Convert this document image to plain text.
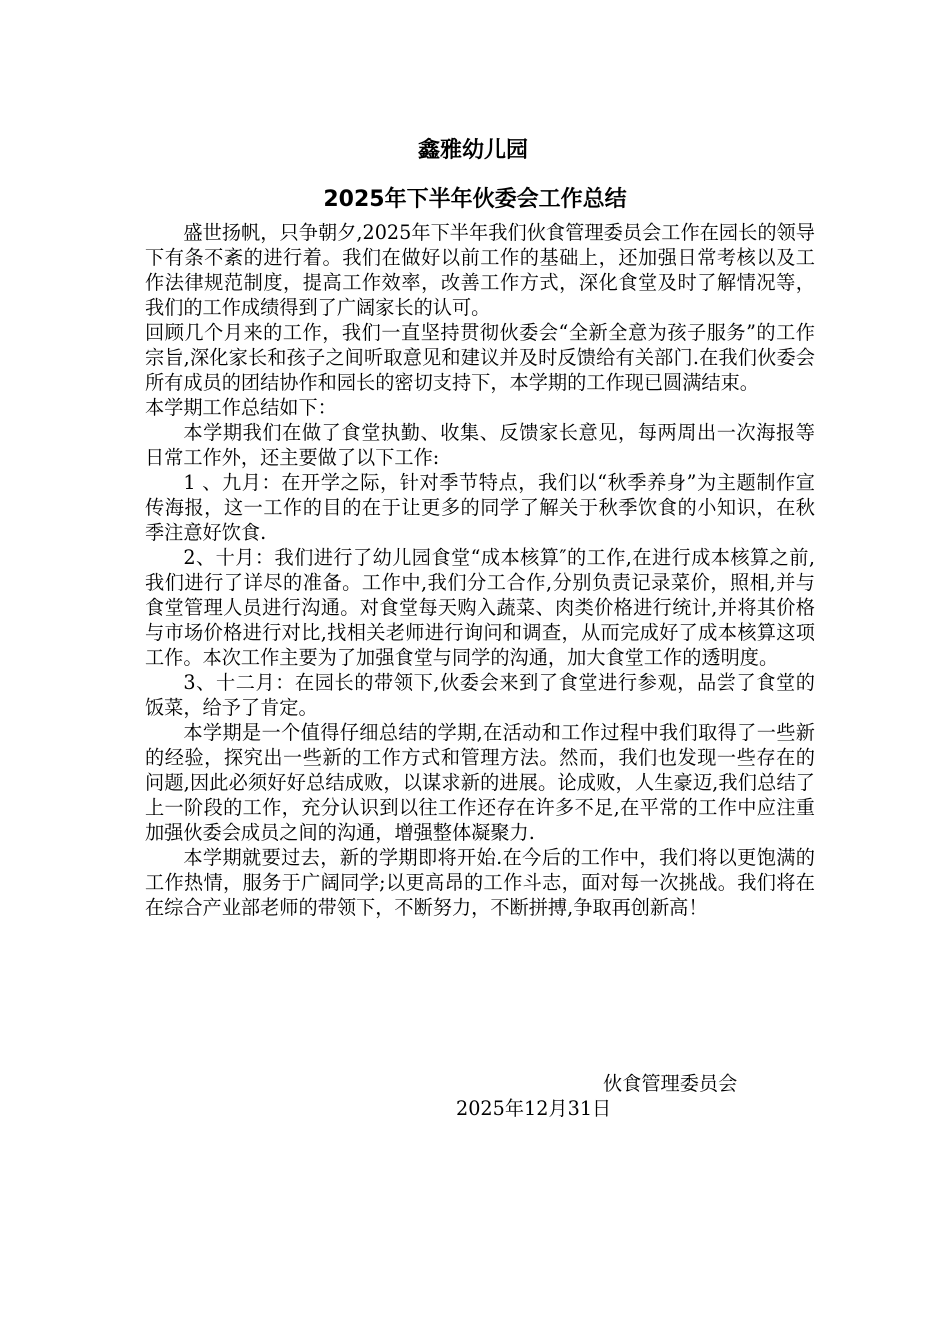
鑫雅幼儿园
2025年下半年伙委会工作总结

盛世扬帆，只争朝夕,2025年下半年我们伙食管理委员会工作在园长的领导下有条不紊的进行着。我们在做好以前工作的基础上，还加强日常考核以及工作法律规范制度，提高工作效率，改善工作方式，深化食堂及时了解情况等，我们的工作成绩得到了广阔家长的认可。

回顾几个月来的工作，我们一直坚持贯彻伙委会“全新全意为孩子服务”的工作宗旨,深化家长和孩子之间听取意见和建议并及时反馈给有关部门.在我们伙委会所有成员的团结协作和园长的密切支持下，本学期的工作现已圆满结束。

本学期工作总结如下：

本学期我们在做了食堂执勤、收集、反馈家长意见，每两周出一次海报等日常工作外，还主要做了以下工作:

1 、九月：在开学之际，针对季节特点，我们以“秋季养身”为主题制作宣传海报，这一工作的目的在于让更多的同学了解关于秋季饮食的小知识，在秋季注意好饮食.

2、十月：我们进行了幼儿园食堂“成本核算″的工作,在进行成本核算之前,我们进行了详尽的准备。工作中,我们分工合作,分别负责记录菜价，照相,并与食堂管理人员进行沟通。对食堂每天购入蔬菜、肉类价格进行统计,并将其价格与市场价格进行对比,找相关老师进行询问和调查，从而完成好了成本核算这项工作。本次工作主要为了加强食堂与同学的沟通，加大食堂工作的透明度。

3、十二月：在园长的带领下,伙委会来到了食堂进行参观，品尝了食堂的饭菜，给予了肯定。

本学期是一个值得仔细总结的学期,在活动和工作过程中我们取得了一些新的经验，探究出一些新的工作方式和管理方法。然而，我们也发现一些存在的问题,因此必须好好总结成败，以谋求新的进展。论成败，人生豪迈,我们总结了上一阶段的工作，充分认识到以往工作还存在许多不足,在平常的工作中应注重加强伙委会成员之间的沟通，增强整体凝聚力.

本学期就要过去，新的学期即将开始.在今后的工作中，我们将以更饱满的工作热情，服务于广阔同学;以更高昂的工作斗志，面对每一次挑战。我们将在在综合产业部老师的带领下，不断努力，不断拼搏,争取再创新高！

伙食管理委员会
2025年12月31日
